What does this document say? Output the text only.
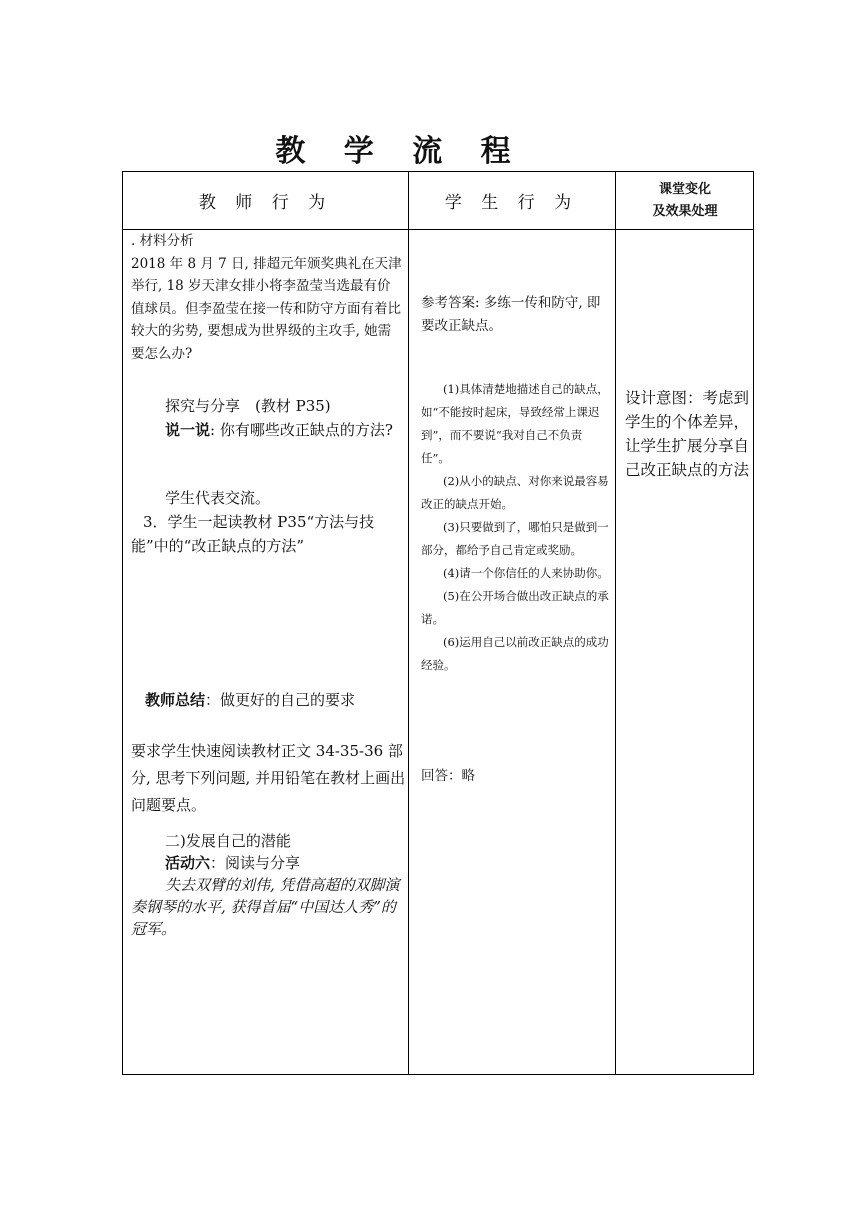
教 学 流 程
教 师 行 为	学 生 行 为
课堂变化
及效果处理

. 材料分析

2018 年 8 月 7 日, 排超元年颁奖典礼在天津举行, 18 岁天津女排小将李盈莹当选最有价值球员。但李盈莹在接一传和防守方面有着比较大的劣势, 要想成为世界级的主攻手, 她需要怎么办?

探究与分享　(教材 P35)

说一说: 你有哪些改正缺点的方法?

学生代表交流。

3．学生一起读教材 P35“方法与技能”中的“改正缺点的方法”

教师总结：做更好的自己的要求
要求学生快速阅读教材正文 34-35-36 部分, 思考下列问题, 并用铅笔在教材上画出问题要点。

二)发展自己的潜能

活动六：阅读与分享

失去双臂的刘伟, 凭借高超的双脚演奏钢琴的水平, 获得首届“中国达人秀”的冠军。

参考答案: 多练一传和防守, 即要改正缺点。

(1)具体清楚地描述自己的缺点，如“不能按时起床，导致经常上课迟到”，而不要说“我对自己不负责任”。

(2)从小的缺点、对你来说最容易改正的缺点开始。

(3)只要做到了，哪怕只是做到一部分，都给予自己肯定或奖励。

(4)请一个你信任的人来协助你。

(5)在公开场合做出改正缺点的承诺。

(6)运用自己以前改正缺点的成功经验。

回答：略
设计意图：考虑到学生的个体差异，让学生扩展分享自己改正缺点的方法
